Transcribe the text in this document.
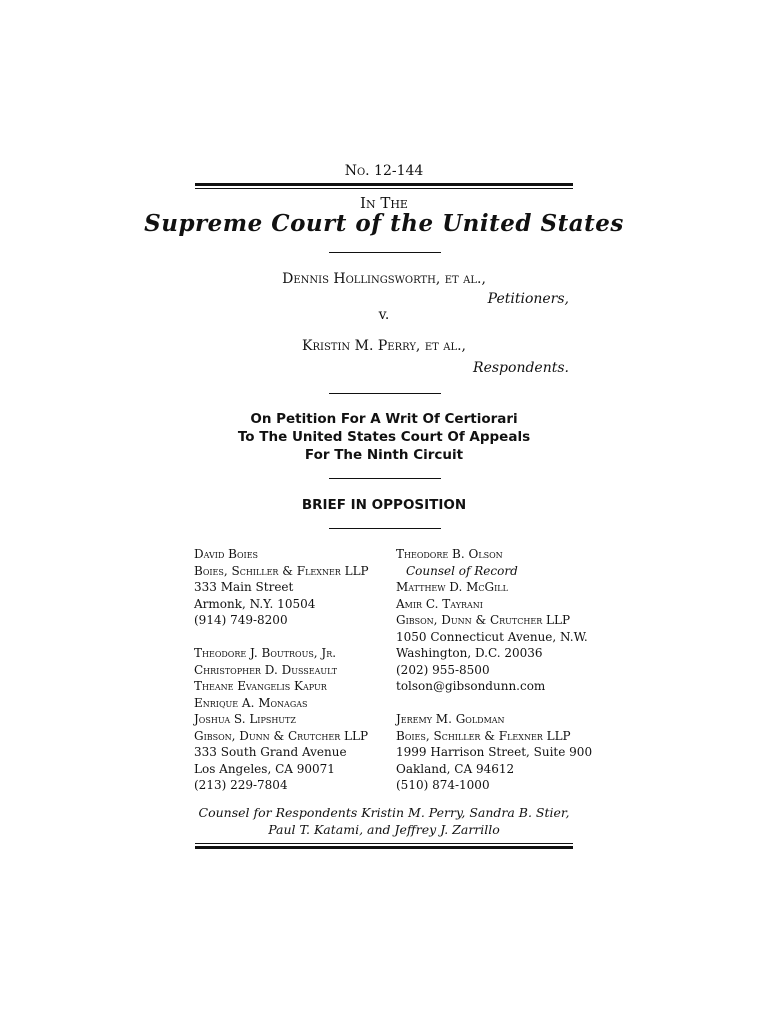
No. 12-144
In The
Supreme Court of the United States
Dennis Hollingsworth, et al.,
Petitioners,
v.
Kristin M. Perry, et al.,
Respondents.
On Petition For A Writ Of Certiorari
To The United States Court Of Appeals
For The Ninth Circuit
BRIEF IN OPPOSITION
David Boies
Boies, Schiller & Flexner LLP
333 Main Street
Armonk, N.Y. 10504
(914) 749-8200
Theodore J. Boutrous, Jr.
Christopher D. Dusseault
Theane Evangelis Kapur
Enrique A. Monagas
Joshua S. Lipshutz
Gibson, Dunn & Crutcher LLP
333 South Grand Avenue
Los Angeles, CA 90071
(213) 229-7804
Theodore B. Olson
Counsel of Record
Matthew D. McGill
Amir C. Tayrani
Gibson, Dunn & Crutcher LLP
1050 Connecticut Avenue, N.W.
Washington, D.C. 20036
(202) 955-8500
tolson@gibsondunn.com
Jeremy M. Goldman
Boies, Schiller & Flexner LLP
1999 Harrison Street, Suite 900
Oakland, CA 94612
(510) 874-1000
Counsel for Respondents Kristin M. Perry, Sandra B. Stier,
Paul T. Katami, and Jeffrey J. Zarrillo
